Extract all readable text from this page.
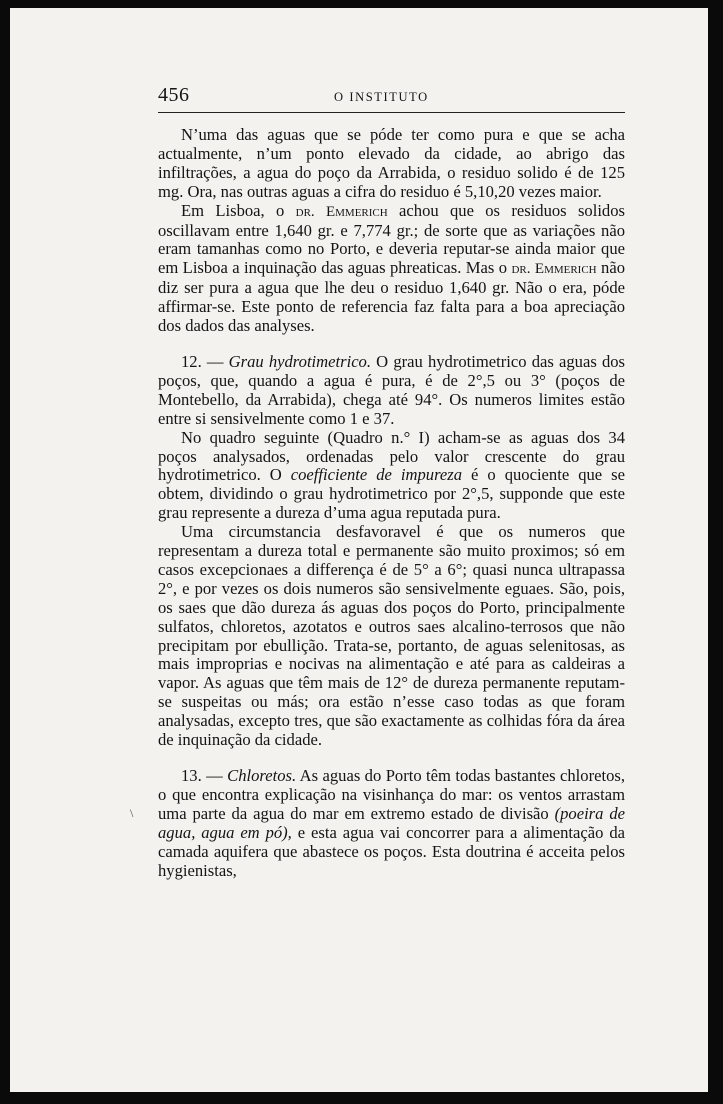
456	O INSTITUTO
\

N’uma das aguas que se póde ter como pura e que se acha actualmente, n’um ponto elevado da cidade, ao abrigo das infiltrações, a agua do poço da Arrabida, o residuo solido é de 125 mg. Ora, nas outras aguas a cifra do residuo é 5,10,20 vezes maior.

Em Lisboa, o dr. Emmerich achou que os residuos solidos oscillavam entre 1,640 gr. e 7,774 gr.; de sorte que as variações não eram tamanhas como no Porto, e deveria reputar-se ainda maior que em Lisboa a inquinação das aguas phreaticas. Mas o dr. Emmerich não diz ser pura a agua que lhe deu o residuo 1,640 gr. Não o era, póde affirmar-se. Este ponto de referencia faz falta para a boa apreciação dos dados das analyses.

12. — Grau hydrotimetrico. O grau hydrotimetrico das aguas dos poços, que, quando a agua é pura, é de 2°,5 ou 3° (poços de Montebello, da Arrabida), chega até 94°. Os numeros limites estão entre si sensivelmente como 1 e 37.

No quadro seguinte (Quadro n.° I) acham-se as aguas dos 34 poços analysados, ordenadas pelo valor crescente do grau hydrotimetrico. O coefficiente de impureza é o quociente que se obtem, dividindo o grau hydrotimetrico por 2°,5, supponde que este grau represente a dureza d’uma agua reputada pura.

Uma circumstancia desfavoravel é que os numeros que representam a dureza total e permanente são muito proximos; só em casos excepcionaes a differença é de 5° a 6°; quasi nunca ultrapassa 2°, e por vezes os dois numeros são sensivelmente eguaes. São, pois, os saes que dão dureza ás aguas dos poços do Porto, principalmente sulfatos, chloretos, azotatos e outros saes alcalino-terrosos que não precipitam por ebullição. Trata-se, portanto, de aguas selenitosas, as mais improprias e nocivas na alimentação e até para as caldeiras a vapor. As aguas que têm mais de 12° de dureza permanente reputam-se suspeitas ou más; ora estão n’esse caso todas as que foram analysadas, excepto tres, que são exactamente as colhidas fóra da área de inquinação da cidade.

13. — Chloretos. As aguas do Porto têm todas bastantes chloretos, o que encontra explicação na visinhança do mar: os ventos arrastam uma parte da agua do mar em extremo estado de divisão (poeira de agua, agua em pó), e esta agua vai concorrer para a alimentação da camada aquifera que abastece os poços. Esta doutrina é acceita pelos hygienistas,
